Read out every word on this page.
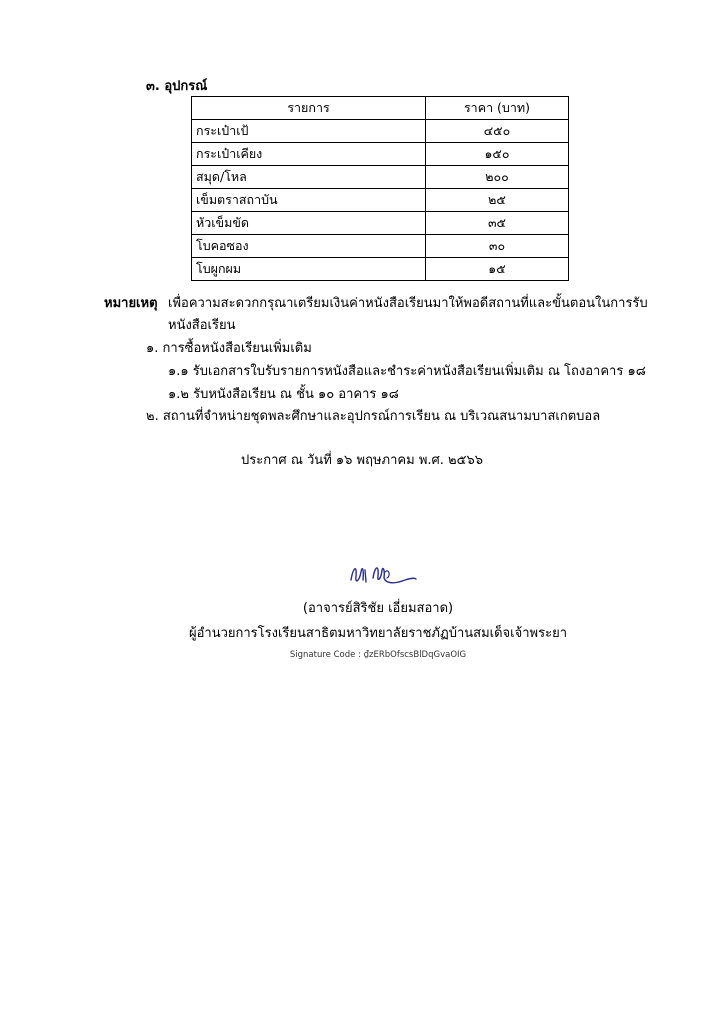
๓. อุปกรณ์
รายการ	ราคา (บาท)
กระเป๋าเป้	๔๕๐
กระเป๋าเคียง	๑๕๐
สมุด/โหล	๒๐๐
เข็มตราสถาบัน	๒๕
หัวเข็มขัด	๓๕
โบคอซอง	๓๐
โบผูกผม	๑๕
หมายเหตุ เพื่อความสะดวกกรุณาเตรียมเงินค่าหนังสือเรียนมาให้พอดีสถานที่และขั้นตอนในการรับ
หนังสือเรียน
๑. การซื้อหนังสือเรียนเพิ่มเติม
๑.๑ รับเอกสารใบรับรายการหนังสือและชำระค่าหนังสือเรียนเพิ่มเติม ณ โถงอาคาร ๑๘
๑.๒ รับหนังสือเรียน ณ ชั้น ๑๐ อาคาร ๑๘
๒. สถานที่จำหน่ายชุดพละศึกษาและอุปกรณ์การเรียน ณ บริเวณสนามบาสเกตบอล
ประกาศ ณ วันที่ ๑๖ พฤษภาคม พ.ศ. ๒๕๖๖
(อาจารย์สิริชัย เอี่ยมสอาด)
ผู้อำนวยการโรงเรียนสาธิตมหาวิทยาลัยราชภัฏบ้านสมเด็จเจ้าพระยา
Signature Code : ₫zERbOfscsBlDqGvaOIG
